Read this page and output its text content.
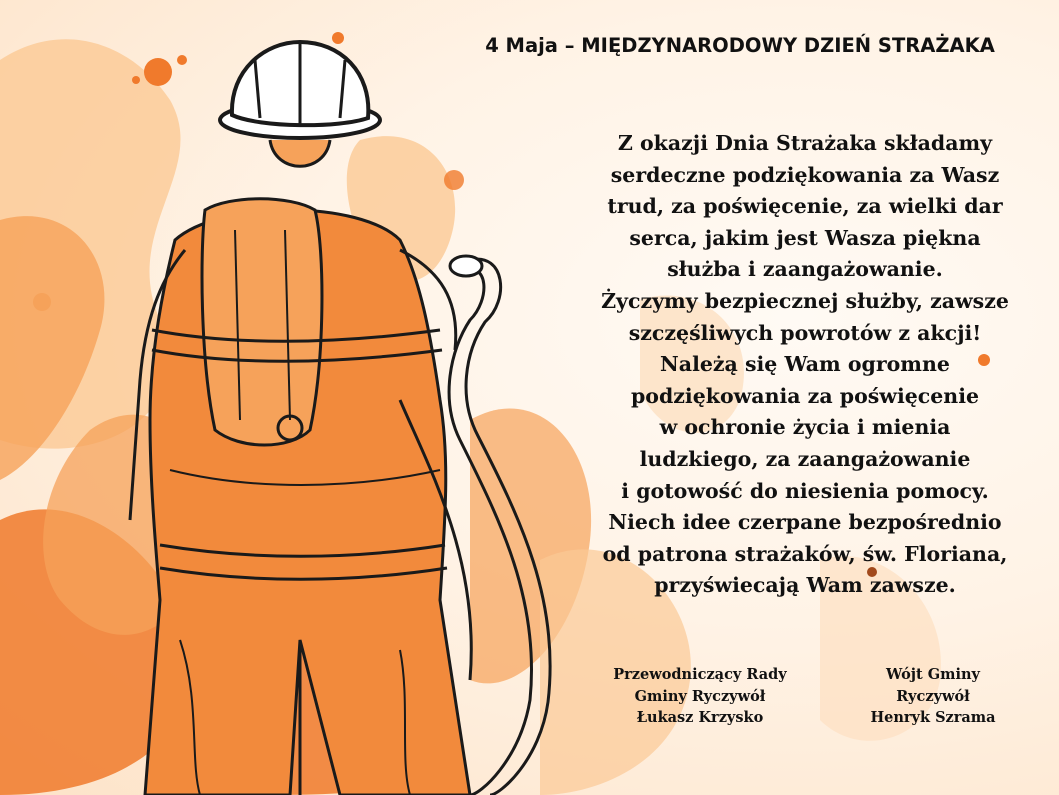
4 Maja – MIĘDZYNARODOWY DZIEŃ STRAŻAKA
Z okazji Dnia Strażaka składamy
serdeczne podziękowania za Wasz
trud, za poświęcenie, za wielki dar
serca, jakim jest Wasza piękna
służba i zaangażowanie.
Życzymy bezpiecznej służby, zawsze
szczęśliwych powrotów z akcji!
Należą się Wam ogromne
podziękowania za poświęcenie
w ochronie życia i mienia
ludzkiego, za zaangażowanie
i gotowość do niesienia pomocy.
Niech idee czerpane bezpośrednio
od patrona strażaków, św. Floriana,
przyświecają Wam zawsze.
Przewodniczący Rady
Gminy Ryczywół
Łukasz Krzysko
Wójt Gminy
Ryczywół
Henryk Szrama
